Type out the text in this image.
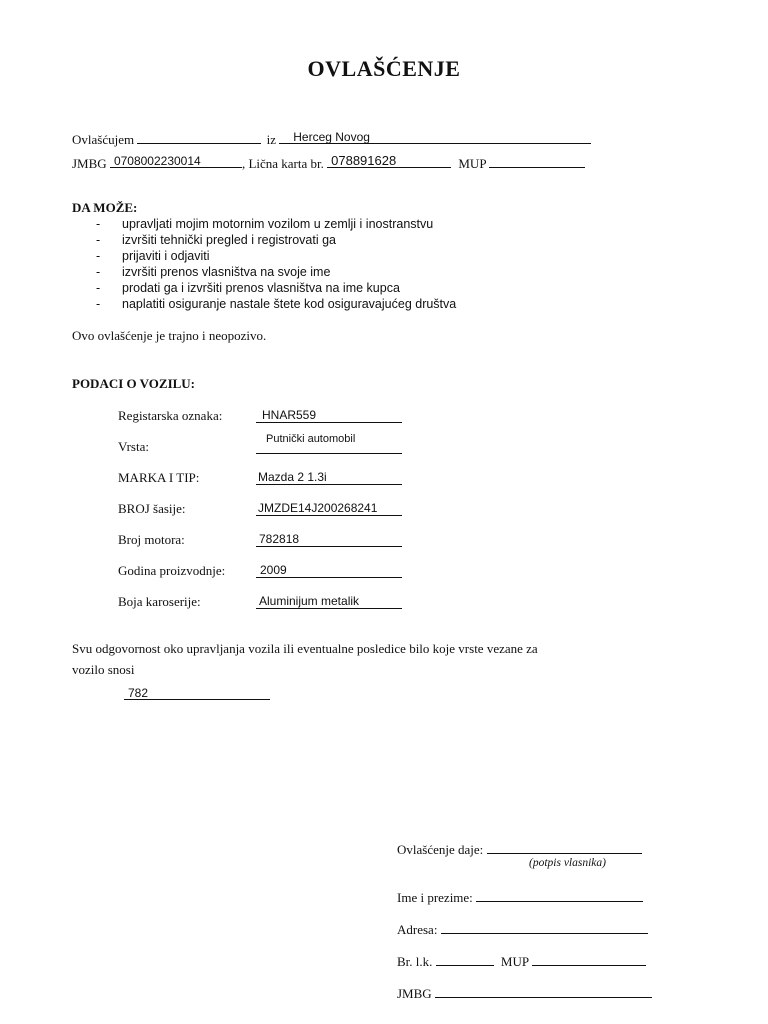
OVLAŠĆENJE
Ovlašćujem	iz Herceg Novog
JMBG 0708002230014	, Lična karta br. 078891628	MUP
DA MOŽE:
- upravljati mojim motornim vozilom u zemlji i inostranstvu
- izvršiti tehnički pregled i registrovati ga
- prijaviti i odjaviti
- izvršiti prenos vlasništva na svoje ime
- prodati ga i izvršiti prenos vlasništva na ime kupca
- naplatiti osiguranje nastale štete kod osiguravajućeg društva
Ovo ovlašćenje je trajno i neopozivo.
PODACI O VOZILU:
Registarska oznaka:	HNAR559
Vrsta:	Putnički automobil
MARKA I TIP:	Mazda 2 1.3i
BROJ šasije:	JMZDE14J200268241
Broj motora:	782818
Godina proizvodnje:	2009
Boja karoserije:	Aluminijum metalik
Svu odgovornost oko upravljanja vozila ili eventualne posledice bilo koje vrste vezane za
vozilo snosi
782
Ovlašćenje daje:
(potpis vlasnika)
Ime i prezime:
Adresa:
Br. l.k.	MUP
JMBG
